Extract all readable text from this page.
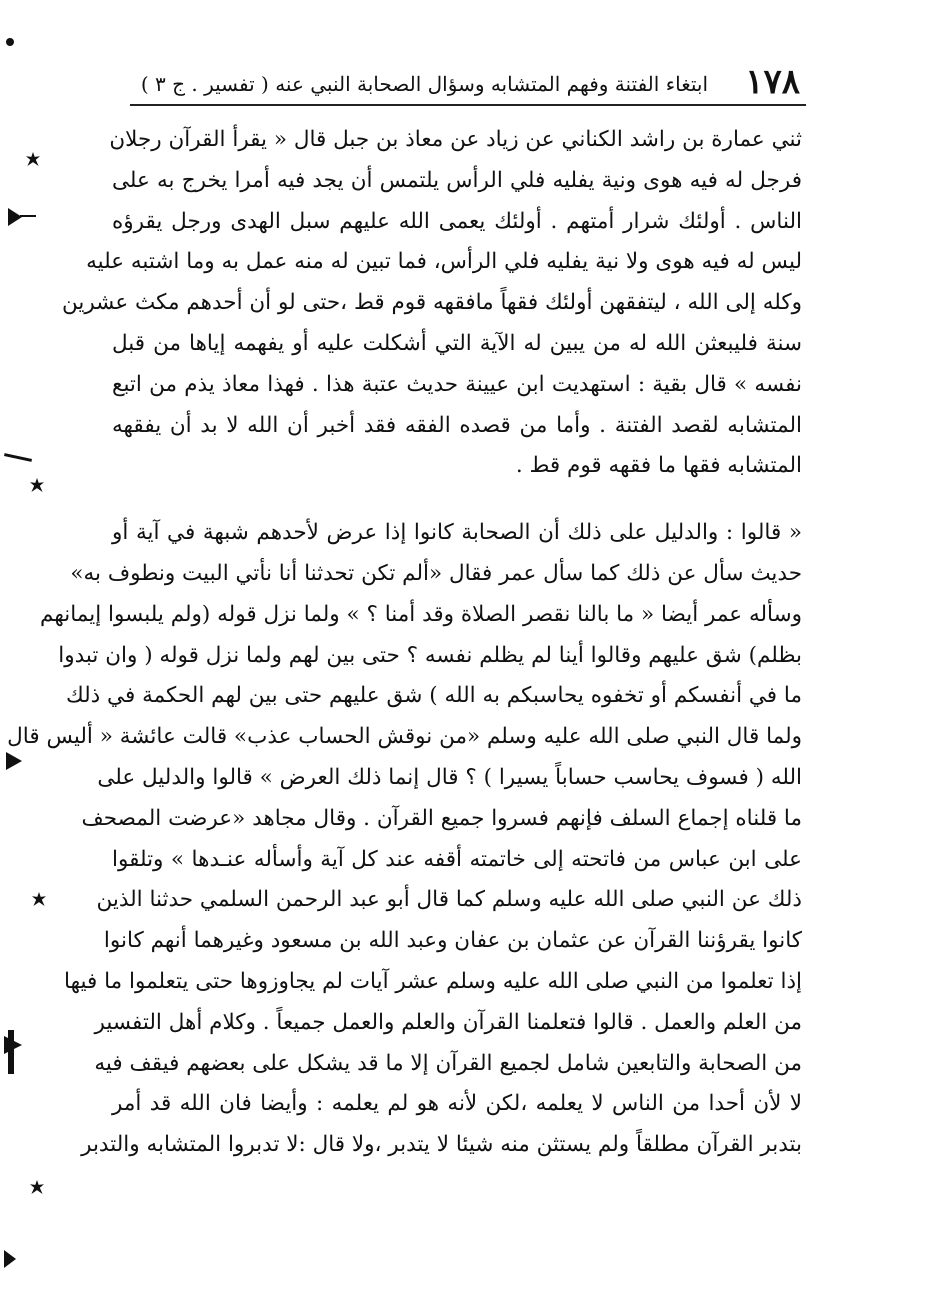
١٧٨
ابتغاء الفتنة وفهم المتشابه وسؤال الصحابة النبي عنه ( تفسير . ج ٣ )
ثني عمارة بن راشد الكناني عن زياد عن معاذ بن جبل قال « يقرأ القرآن رجلان
فرجل له فيه هوى ونية يفليه فلي الرأس يلتمس أن يجد فيه أمرا يخرج به على
الناس . أولئك شرار أمتهم . أولئك يعمى الله عليهم سبل الهدى ورجل يقرؤه
ليس له فيه هوى ولا نية يفليه فلي الرأس، فما تبين له منه عمل به وما اشتبه عليه
وكله إلى الله ، ليتفقهن أولئك فقهاً مافقهه قوم قط ،حتى لو أن أحدهم مكث عشرين
سنة فليبعثن الله له من يبين له الآية التي أشكلت عليه أو يفهمه إياها من قبل
نفسه » قال بقية : استهديت ابن عيينة حديث عتبة هذا . فهذا معاذ يذم من اتبع
المتشابه لقصد الفتنة . وأما من قصده الفقه فقد أخبر أن الله لا بد أن يفقهه
المتشابه فقها ما فقهه قوم قط .
« قالوا : والدليل على ذلك أن الصحابة كانوا إذا عرض لأحدهم شبهة في آية أو
حديث سأل عن ذلك كما سأل عمر فقال «ألم تكن تحدثنا أنا نأتي البيت ونطوف به»
وسأله عمر أيضا « ما بالنا نقصر الصلاة وقد أمنا ؟ » ولما نزل قوله (ولم يلبسوا إيمانهم
بظلم) شق عليهم وقالوا أينا لم يظلم نفسه ؟ حتى بين لهم ولما نزل قوله ( وان تبدوا
ما في أنفسكم أو تخفوه يحاسبكم به الله ) شق عليهم حتى بين لهم الحكمة في ذلك
ولما قال النبي صلى الله عليه وسلم «من نوقش الحساب عذب» قالت عائشة « أليس قال
الله ( فسوف يحاسب حساباً يسيرا ) ؟ قال إنما ذلك العرض » قالوا والدليل على
ما قلناه إجماع السلف فإنهم فسروا جميع القرآن . وقال مجاهد «عرضت المصحف
على ابن عباس من فاتحته إلى خاتمته أقفه عند كل آية وأسأله عنـدها » وتلقوا
ذلك عن النبي صلى الله عليه وسلم كما قال أبو عبد الرحمن السلمي حدثنا الذين
كانوا يقرؤننا القرآن عن عثمان بن عفان وعبد الله بن مسعود وغيرهما أنهم كانوا
إذا تعلموا من النبي صلى الله عليه وسلم عشر آيات لم يجاوزوها حتى يتعلموا ما فيها
من العلم والعمل . قالوا فتعلمنا القرآن والعلم والعمل جميعاً . وكلام أهل التفسير
من الصحابة والتابعين شامل لجميع القرآن إلا ما قد يشكل على بعضهم فيقف فيه
لا لأن أحدا من الناس لا يعلمه ،لكن لأنه هو لم يعلمه : وأيضا فان الله قد أمر
بتدبر القرآن مطلقاً ولم يستثن منه شيئا لا يتدبر ،ولا قال :لا تدبروا المتشابه والتدبر
